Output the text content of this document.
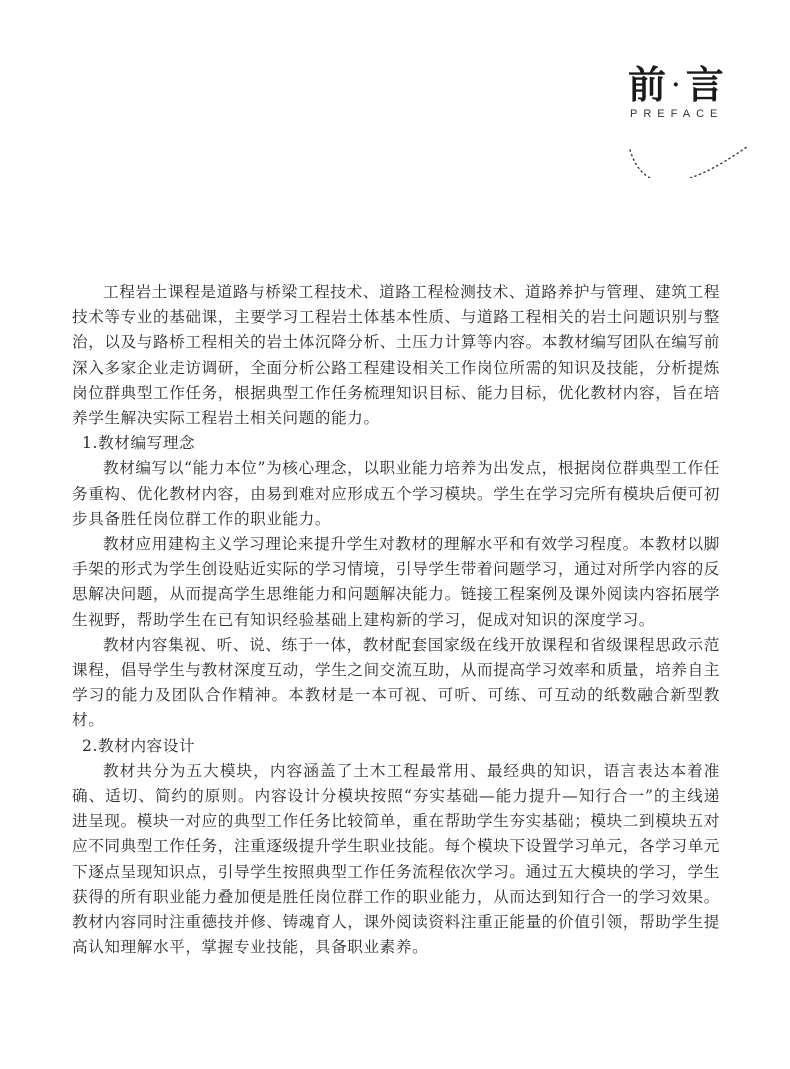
前 · 言
PREFACE

工程岩土课程是道路与桥梁工程技术、道路工程检测技术、道路养护与管理、建筑工程技术等专业的基础课，主要学习工程岩土体基本性质、与道路工程相关的岩土问题识别与整治，以及与路桥工程相关的岩土体沉降分析、土压力计算等内容。本教材编写团队在编写前深入多家企业走访调研，全面分析公路工程建设相关工作岗位所需的知识及技能，分析提炼岗位群典型工作任务，根据典型工作任务梳理知识目标、能力目标，优化教材内容，旨在培养学生解决实际工程岩土相关问题的能力。

1.教材编写理念

教材编写以“能力本位”为核心理念，以职业能力培养为出发点，根据岗位群典型工作任务重构、优化教材内容，由易到难对应形成五个学习模块。学生在学习完所有模块后便可初步具备胜任岗位群工作的职业能力。

教材应用建构主义学习理论来提升学生对教材的理解水平和有效学习程度。本教材以脚手架的形式为学生创设贴近实际的学习情境，引导学生带着问题学习，通过对所学内容的反思解决问题，从而提高学生思维能力和问题解决能力。链接工程案例及课外阅读内容拓展学生视野，帮助学生在已有知识经验基础上建构新的学习，促成对知识的深度学习。

教材内容集视、听、说、练于一体，教材配套国家级在线开放课程和省级课程思政示范课程，倡导学生与教材深度互动，学生之间交流互助，从而提高学习效率和质量，培养自主学习的能力及团队合作精神。本教材是一本可视、可听、可练、可互动的纸数融合新型教材。

2.教材内容设计

教材共分为五大模块，内容涵盖了土木工程最常用、最经典的知识，语言表达本着准确、适切、简约的原则。内容设计分模块按照“夯实基础—能力提升—知行合一”的主线递进呈现。模块一对应的典型工作任务比较简单，重在帮助学生夯实基础；模块二到模块五对应不同典型工作任务，注重逐级提升学生职业技能。每个模块下设置学习单元，各学习单元下逐点呈现知识点，引导学生按照典型工作任务流程依次学习。通过五大模块的学习，学生获得的所有职业能力叠加便是胜任岗位群工作的职业能力，从而达到知行合一的学习效果。教材内容同时注重德技并修、铸魂育人，课外阅读资料注重正能量的价值引领，帮助学生提高认知理解水平，掌握专业技能，具备职业素养。
